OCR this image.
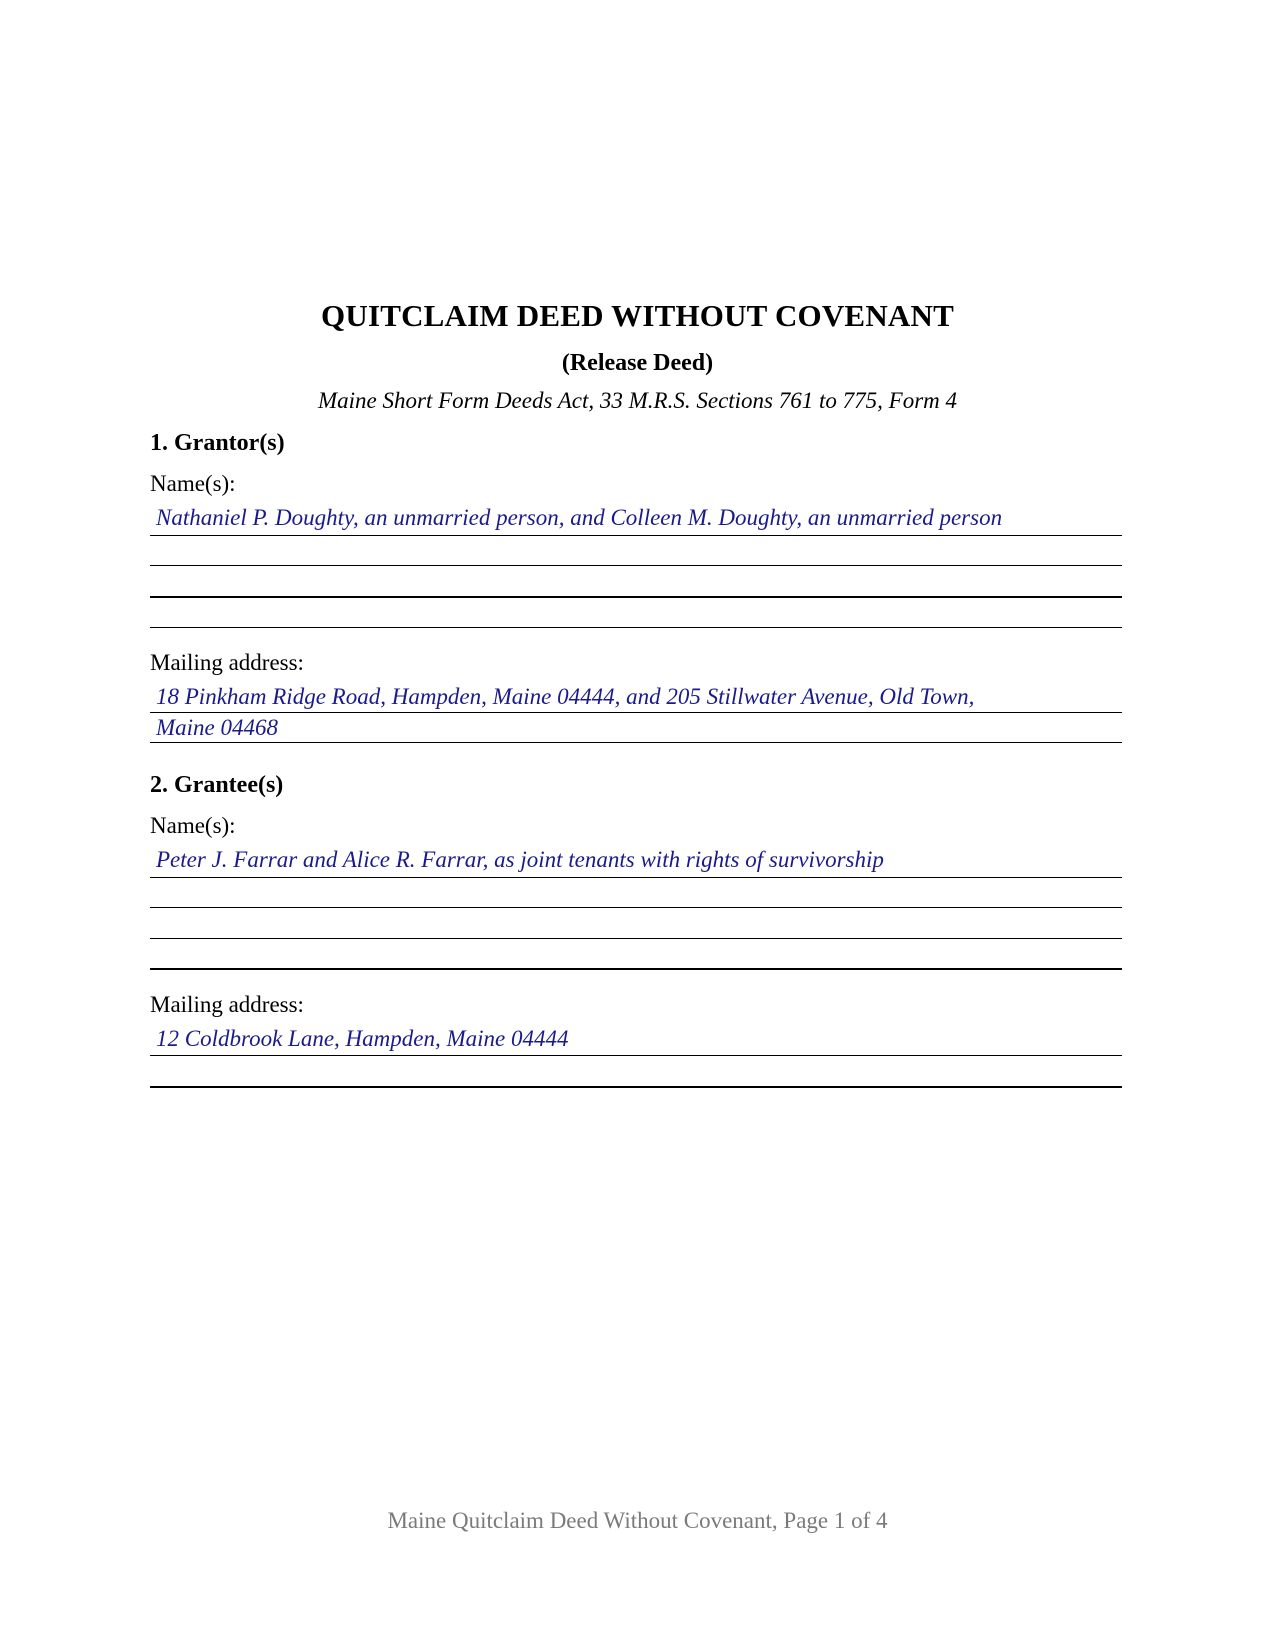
QUITCLAIM DEED WITHOUT COVENANT
(Release Deed)
Maine Short Form Deeds Act, 33 M.R.S. Sections 761 to 775, Form 4
1. Grantor(s)
Name(s):
Nathaniel P. Doughty, an unmarried person, and Colleen M. Doughty, an unmarried person
Mailing address:
18 Pinkham Ridge Road, Hampden, Maine 04444, and 205 Stillwater Avenue, Old Town,
Maine 04468
2. Grantee(s)
Name(s):
Peter J. Farrar and Alice R. Farrar, as joint tenants with rights of survivorship
Mailing address:
12 Coldbrook Lane, Hampden, Maine 04444
Maine Quitclaim Deed Without Covenant, Page 1 of 4
